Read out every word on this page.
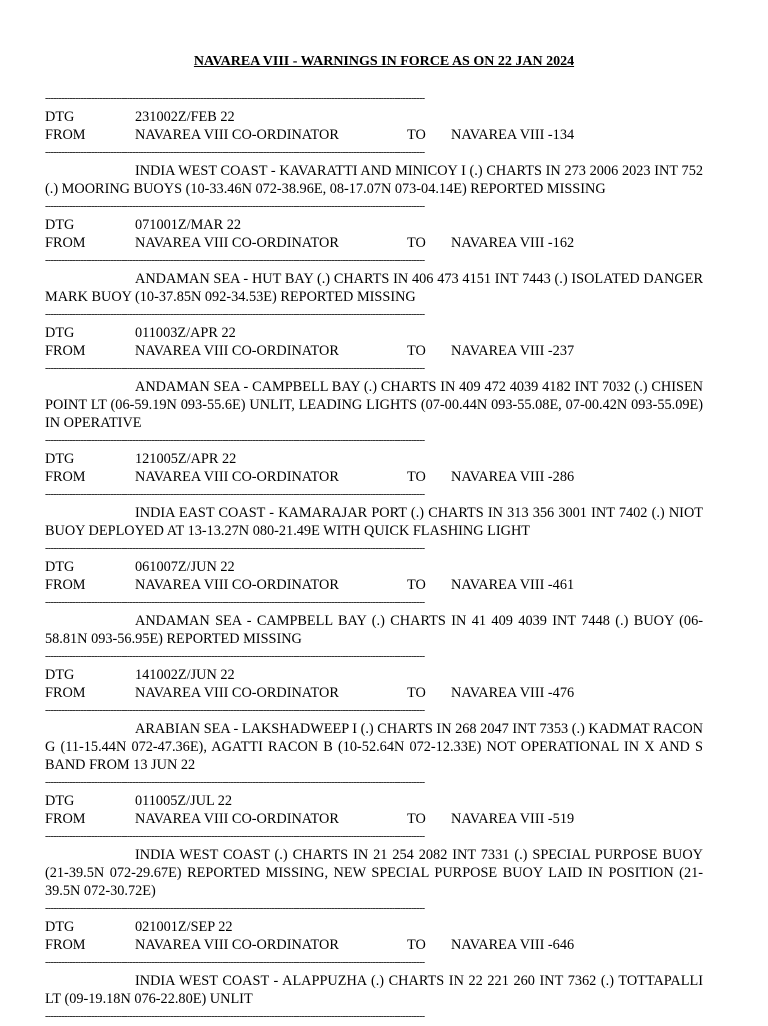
NAVAREA VIII - WARNINGS IN FORCE AS ON 22 JAN 2024
-------------------------------------------------------------------------------------------------------------------------------------------
DTG	231002Z/FEB 22
FROM	NAVAREA VIII CO-ORDINATOR	TO NAVAREA VIII -134
-------------------------------------------------------------------------------------------------------------------------------------------

INDIA WEST COAST - KAVARATTI AND MINICOY I (.) CHARTS IN 273 2006 2023 INT 752 (.) MOORING BUOYS (10-33.46N 072-38.96E, 08-17.07N 073-04.14E) REPORTED MISSING

-------------------------------------------------------------------------------------------------------------------------------------------
DTG	071001Z/MAR 22
FROM	NAVAREA VIII CO-ORDINATOR	TO NAVAREA VIII -162
-------------------------------------------------------------------------------------------------------------------------------------------

ANDAMAN SEA - HUT BAY (.) CHARTS IN 406 473 4151 INT 7443 (.) ISOLATED DANGER MARK BUOY (10-37.85N 092-34.53E) REPORTED MISSING

-------------------------------------------------------------------------------------------------------------------------------------------
DTG	011003Z/APR 22
FROM	NAVAREA VIII CO-ORDINATOR	TO NAVAREA VIII -237
-------------------------------------------------------------------------------------------------------------------------------------------

ANDAMAN SEA - CAMPBELL BAY (.) CHARTS IN 409 472 4039 4182 INT 7032 (.) CHISEN POINT LT (06-59.19N 093-55.6E) UNLIT, LEADING LIGHTS (07-00.44N 093-55.08E, 07-00.42N 093-55.09E) IN OPERATIVE

-------------------------------------------------------------------------------------------------------------------------------------------
DTG	121005Z/APR 22
FROM	NAVAREA VIII CO-ORDINATOR	TO NAVAREA VIII -286
-------------------------------------------------------------------------------------------------------------------------------------------

INDIA EAST COAST - KAMARAJAR PORT (.) CHARTS IN 313 356 3001 INT 7402 (.) NIOT BUOY DEPLOYED AT 13-13.27N 080-21.49E WITH QUICK FLASHING LIGHT

-------------------------------------------------------------------------------------------------------------------------------------------
DTG	061007Z/JUN 22
FROM	NAVAREA VIII CO-ORDINATOR	TO NAVAREA VIII -461
-------------------------------------------------------------------------------------------------------------------------------------------

ANDAMAN SEA - CAMPBELL BAY (.) CHARTS IN 41 409 4039 INT 7448 (.) BUOY (06-58.81N 093-56.95E) REPORTED MISSING

-------------------------------------------------------------------------------------------------------------------------------------------
DTG	141002Z/JUN 22
FROM	NAVAREA VIII CO-ORDINATOR	TO NAVAREA VIII -476
-------------------------------------------------------------------------------------------------------------------------------------------

ARABIAN SEA - LAKSHADWEEP I (.) CHARTS IN 268 2047 INT 7353 (.) KADMAT RACON G (11-15.44N 072-47.36E), AGATTI RACON B (10-52.64N 072-12.33E) NOT OPERATIONAL IN X AND S BAND FROM 13 JUN 22

-------------------------------------------------------------------------------------------------------------------------------------------
DTG	011005Z/JUL 22
FROM	NAVAREA VIII CO-ORDINATOR	TO NAVAREA VIII -519
-------------------------------------------------------------------------------------------------------------------------------------------

INDIA WEST COAST (.) CHARTS IN 21 254 2082 INT 7331 (.) SPECIAL PURPOSE BUOY (21-39.5N 072-29.67E) REPORTED MISSING, NEW SPECIAL PURPOSE BUOY LAID IN POSITION (21-39.5N 072-30.72E)

-------------------------------------------------------------------------------------------------------------------------------------------
DTG	021001Z/SEP 22
FROM	NAVAREA VIII CO-ORDINATOR	TO NAVAREA VIII -646
-------------------------------------------------------------------------------------------------------------------------------------------

INDIA WEST COAST - ALAPPUZHA (.) CHARTS IN 22 221 260 INT 7362 (.) TOTTAPALLI LT (09-19.18N 076-22.80E) UNLIT

-------------------------------------------------------------------------------------------------------------------------------------------
